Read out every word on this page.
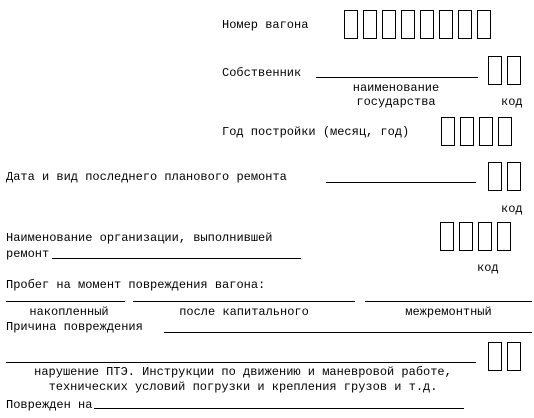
Номер вагона
Собственник
наименование
государства	код
Год постройки (месяц, год)
Дата и вид последнего планового ремонта
код
Наименование организации, выполнившей
ремонт
код
Пробег на момент повреждения вагона:
накопленный	после капитального	межремонтный
Причина повреждения
нарушение ПТЭ. Инструкции по движению и маневровой работе,
технических условий погрузки и крепления грузов и т.д.
Поврежден на
